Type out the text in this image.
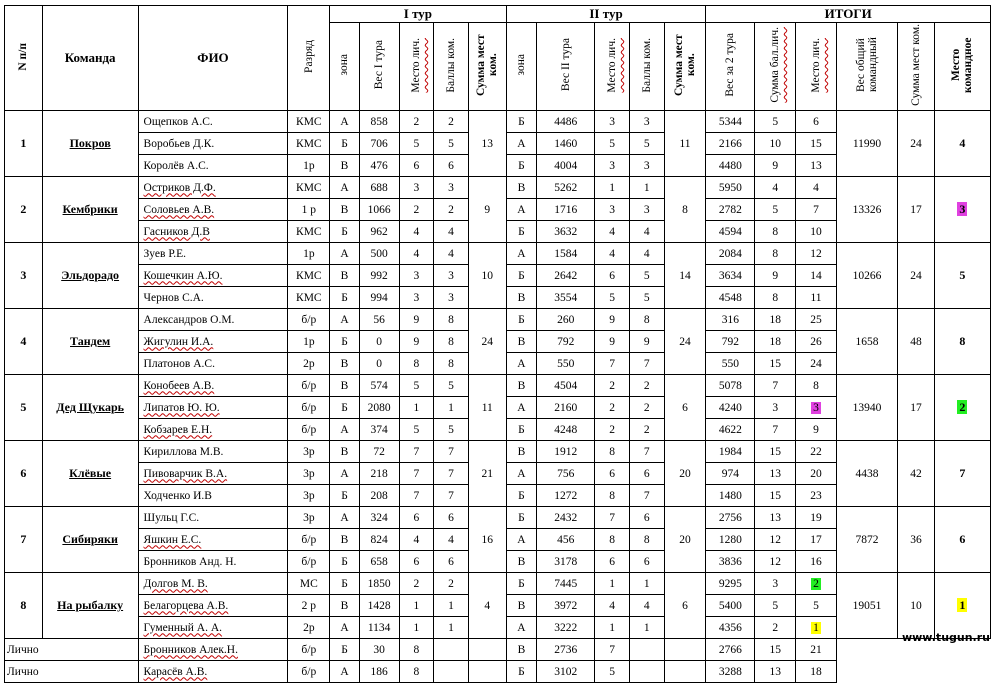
N п/п	Команда	ФИО	Разряд	I тур					II тур					ИТОГИ					
				зона	Вес I тура	Место лич.	Баллы ком.	Сумма мест ком.	зона	Вес II тура	Место лич.	Баллы ком.	Сумма мест ком.	Вес за 2 тура	Сумма бал.лич.	Место лич.	Вес общий командный	Сумма мест ком.	Место командное
1	Покров	Ощепков А.С.	КМС	А	858	2	2	13	Б	4486	3	3	11	5344	5	6	11990	24	4
		Воробьев Д.К.	КМС	Б	706	5	5		А	1460	5	5		2166	10	15			
		Королёв А.С.	1р	В	476	6	6		Б	4004	3	3		4480	9	13			
2	Кембрики	Остриков Д.Ф.	КМС	А	688	3	3	9	В	5262	1	1	8	5950	4	4	13326	17	3
		Соловьев А.В.	1 р	В	1066	2	2		А	1716	3	3		2782	5	7			
		Гасников Д.В	КМС	Б	962	4	4		Б	3632	4	4		4594	8	10			
3	Эльдорадо	Зуев Р.Е.	1р	А	500	4	4	10	А	1584	4	4	14	2084	8	12	10266	24	5
		Кошечкин А.Ю.	КМС	В	992	3	3		Б	2642	6	5		3634	9	14			
		Чернов С.А.	КМС	Б	994	3	3		В	3554	5	5		4548	8	11			
4	Тандем	Александров О.М.	б/р	А	56	9	8	24	Б	260	9	8	24	316	18	25	1658	48	8
		Жигулин И.А.	1р	Б	0	9	8		В	792	9	9		792	18	26			
		Платонов А.С.	2р	В	0	8	8		А	550	7	7		550	15	24			
5	Дед Щукарь	Конобеев А.В.	б/р	В	574	5	5	11	В	4504	2	2	6	5078	7	8	13940	17	2
		Липатов Ю. Ю.	б/р	Б	2080	1	1		А	2160	2	2		4240	3	3			
		Кобзарев Е.Н.	б/р	А	374	5	5		Б	4248	2	2		4622	7	9			
6	Клёвые	Кириллова М.В.	3р	В	72	7	7	21	В	1912	8	7	20	1984	15	22	4438	42	7
		Пивоварчик В.А.	3р	А	218	7	7		А	756	6	6		974	13	20			
		Ходченко И.В	3р	Б	208	7	7		Б	1272	8	7		1480	15	23			
7	Сибиряки	Шульц Г.С.	3р	А	324	6	6	16	Б	2432	7	6	20	2756	13	19	7872	36	6
		Яшкин Е.С.	б/р	В	824	4	4		А	456	8	8		1280	12	17			
		Бронников Анд. Н.	б/р	Б	658	6	6		В	3178	6	6		3836	12	16			
8	На рыбалку	Долгов М. В.	МС	Б	1850	2	2	4	Б	7445	1	1	6	9295	3	2	19051	10	1
		Белагорцева А.В.	2 р	В	1428	1	1		В	3972	4	4		5400	5	5			
		Гуменный А. А.	2р	А	1134	1	1		А	3222	1	1		4356	2	1			
Лично		Бронников Алек.Н.	б/р	Б	30	8			В	2736	7			2766	15	21			
Лично		Карасёв А.В.	б/р	А	186	8			Б	3102	5			3288	13	18			
www.tugun.ru
